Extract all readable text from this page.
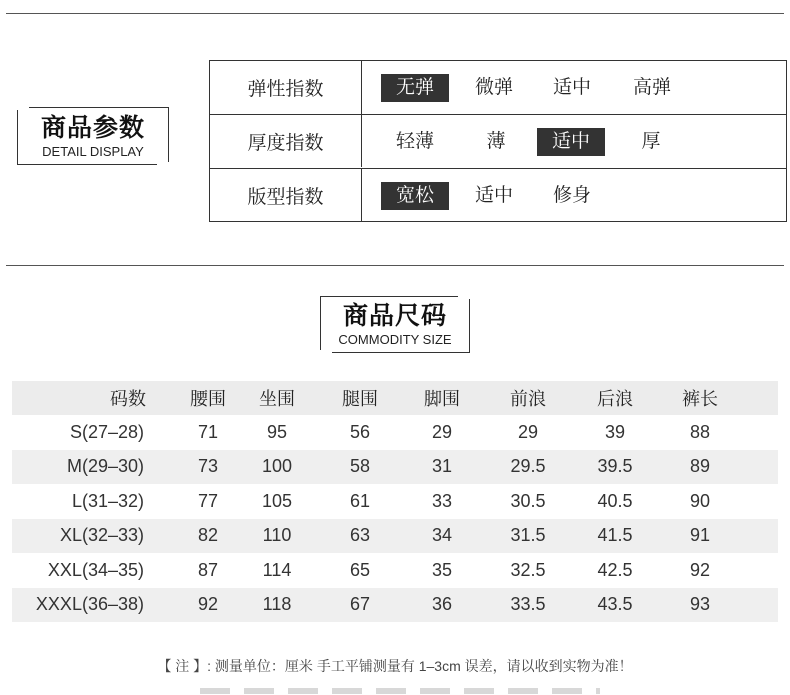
商品参数
DETAIL DISPLAY
弹性指数	无弹	微弹	适中	高弹
厚度指数	轻薄	薄	适中	厚
版型指数	宽松	适中	修身
商品尺码
COMMODITY SIZE
码数	腰围	坐围	腿围	脚围	前浪	后浪	裤长
S(27–28)	71	95	56	29	29	39	88
M(29–30)	73	100	58	31	29.5	39.5	89
L(31–32)	77	105	61	33	30.5	40.5	90
XL(32–33)	82	110	63	34	31.5	41.5	91
XXL(34–35)	87	114	65	35	32.5	42.5	92
XXXL(36–38)	92	118	67	36	33.5	43.5	93
【 注 】: 测量单位：厘米 手工平铺测量有 1–3cm 误差，请以收到实物为准！
